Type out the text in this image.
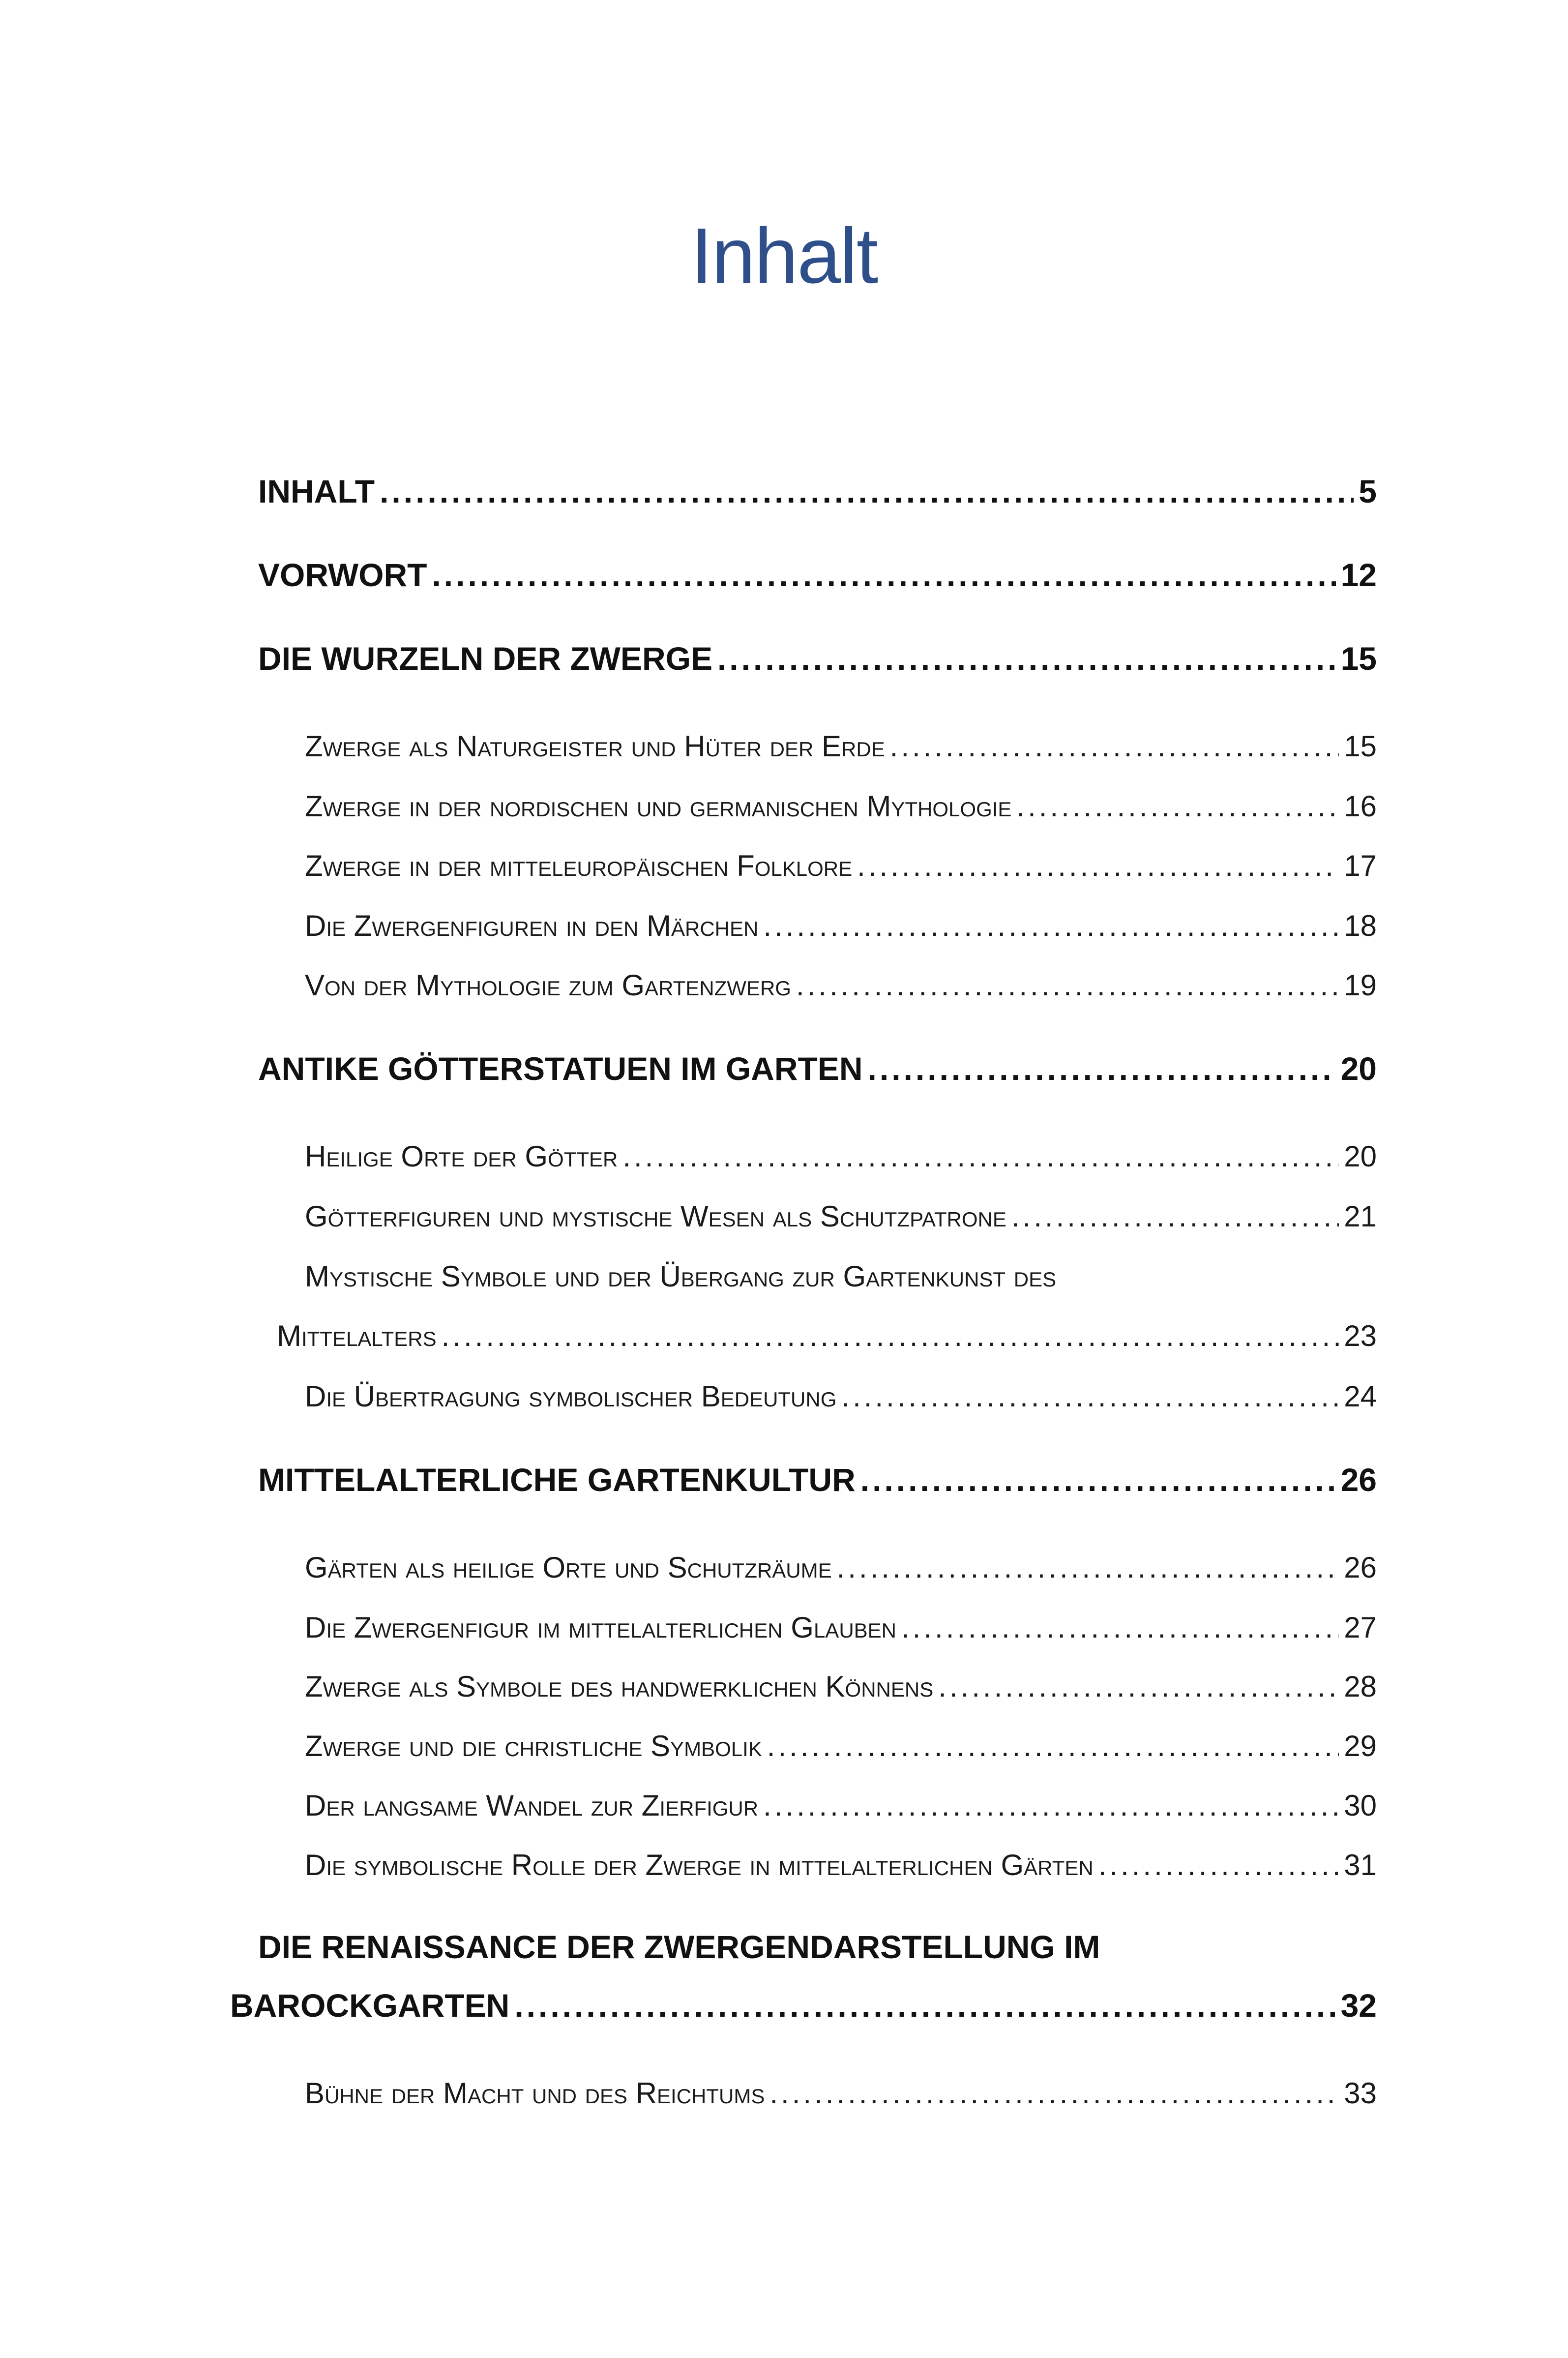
Inhalt
INHALT .....	5
VORWORT .....	12
DIE WURZELN DER ZWERGE .....	15
Zwerge als Naturgeister und Hüter der Erde .....	15
Zwerge in der nordischen und germanischen Mythologie .....	16
Zwerge in der mitteleuropäischen Folklore .....	17
Die Zwergenfiguren in den Märchen .....	18
Von der Mythologie zum Gartenzwerg .....	19
ANTIKE GÖTTERSTATUEN IM GARTEN .....	20
Heilige Orte der Götter .....	20
Götterfiguren und mystische Wesen als Schutzpatrone .....	21
Mystische Symbole und der Übergang zur Gartenkunst des
Mittelalters .....	23
Die Übertragung symbolischer Bedeutung .....	24
MITTELALTERLICHE GARTENKULTUR .....	26
Gärten als heilige Orte und Schutzräume .....	26
Die Zwergenfigur im mittelalterlichen Glauben .....	27
Zwerge als Symbole des handwerklichen Könnens .....	28
Zwerge und die christliche Symbolik .....	29
Der langsame Wandel zur Zierfigur .....	30
Die symbolische Rolle der Zwerge in mittelalterlichen Gärten .....	31
DIE RENAISSANCE DER ZWERGENDARSTELLUNG IM
BAROCKGARTEN .....	32
Bühne der Macht und des Reichtums .....	33
